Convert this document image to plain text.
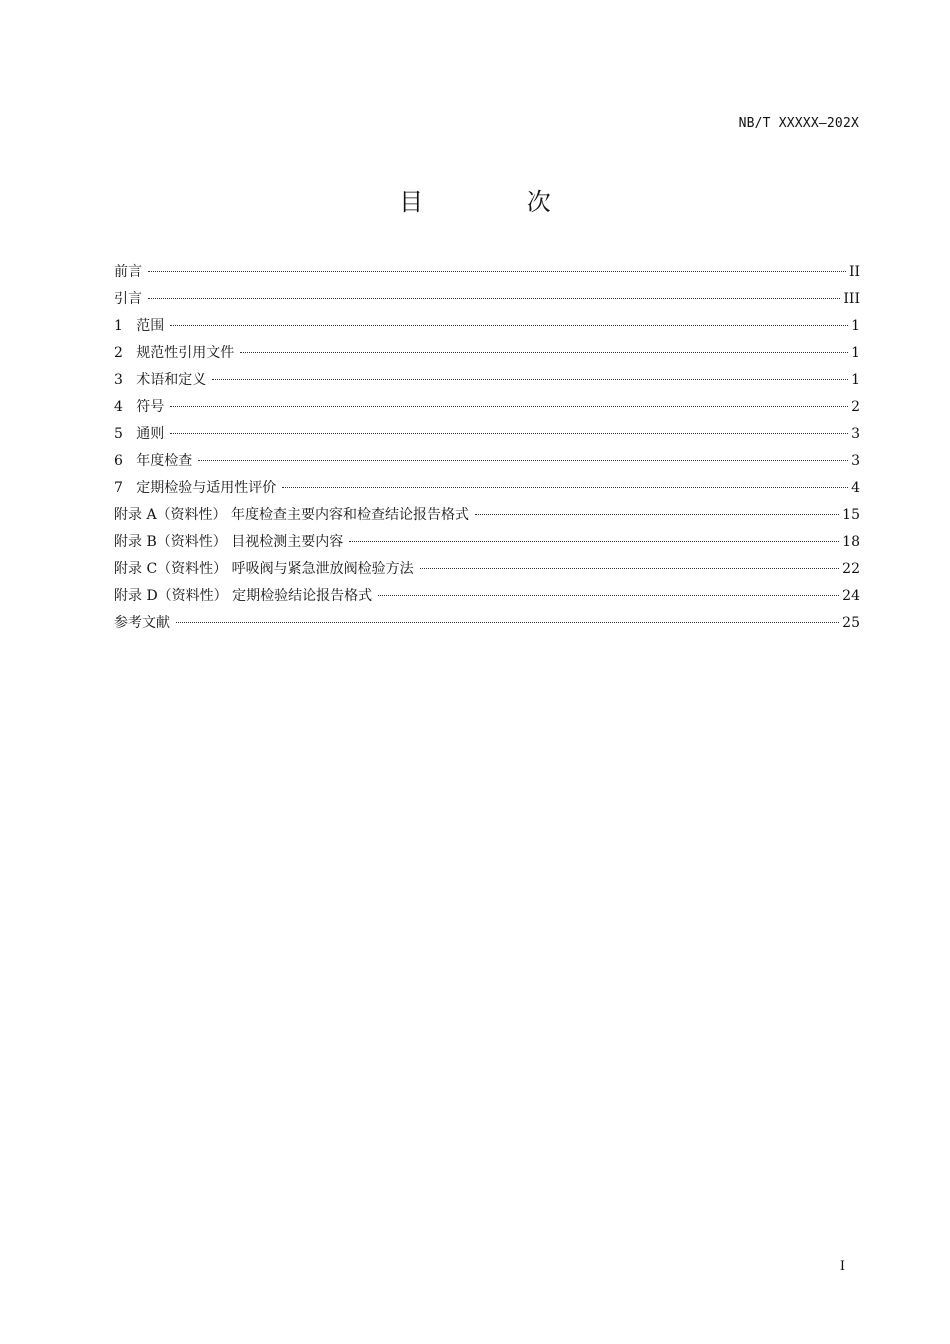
NB/T XXXXX—202X
目 次
前言	II
引言	III
1   范围	1
2   规范性引用文件	1
3   术语和定义	1
4   符号	2
5   通则	3
6   年度检查	3
7   定期检验与适用性评价	4
附录 A（资料性） 年度检查主要内容和检查结论报告格式	15
附录 B（资料性） 目视检测主要内容	18
附录 C（资料性） 呼吸阀与紧急泄放阀检验方法	22
附录 D（资料性） 定期检验结论报告格式	24
参考文献	25
I
